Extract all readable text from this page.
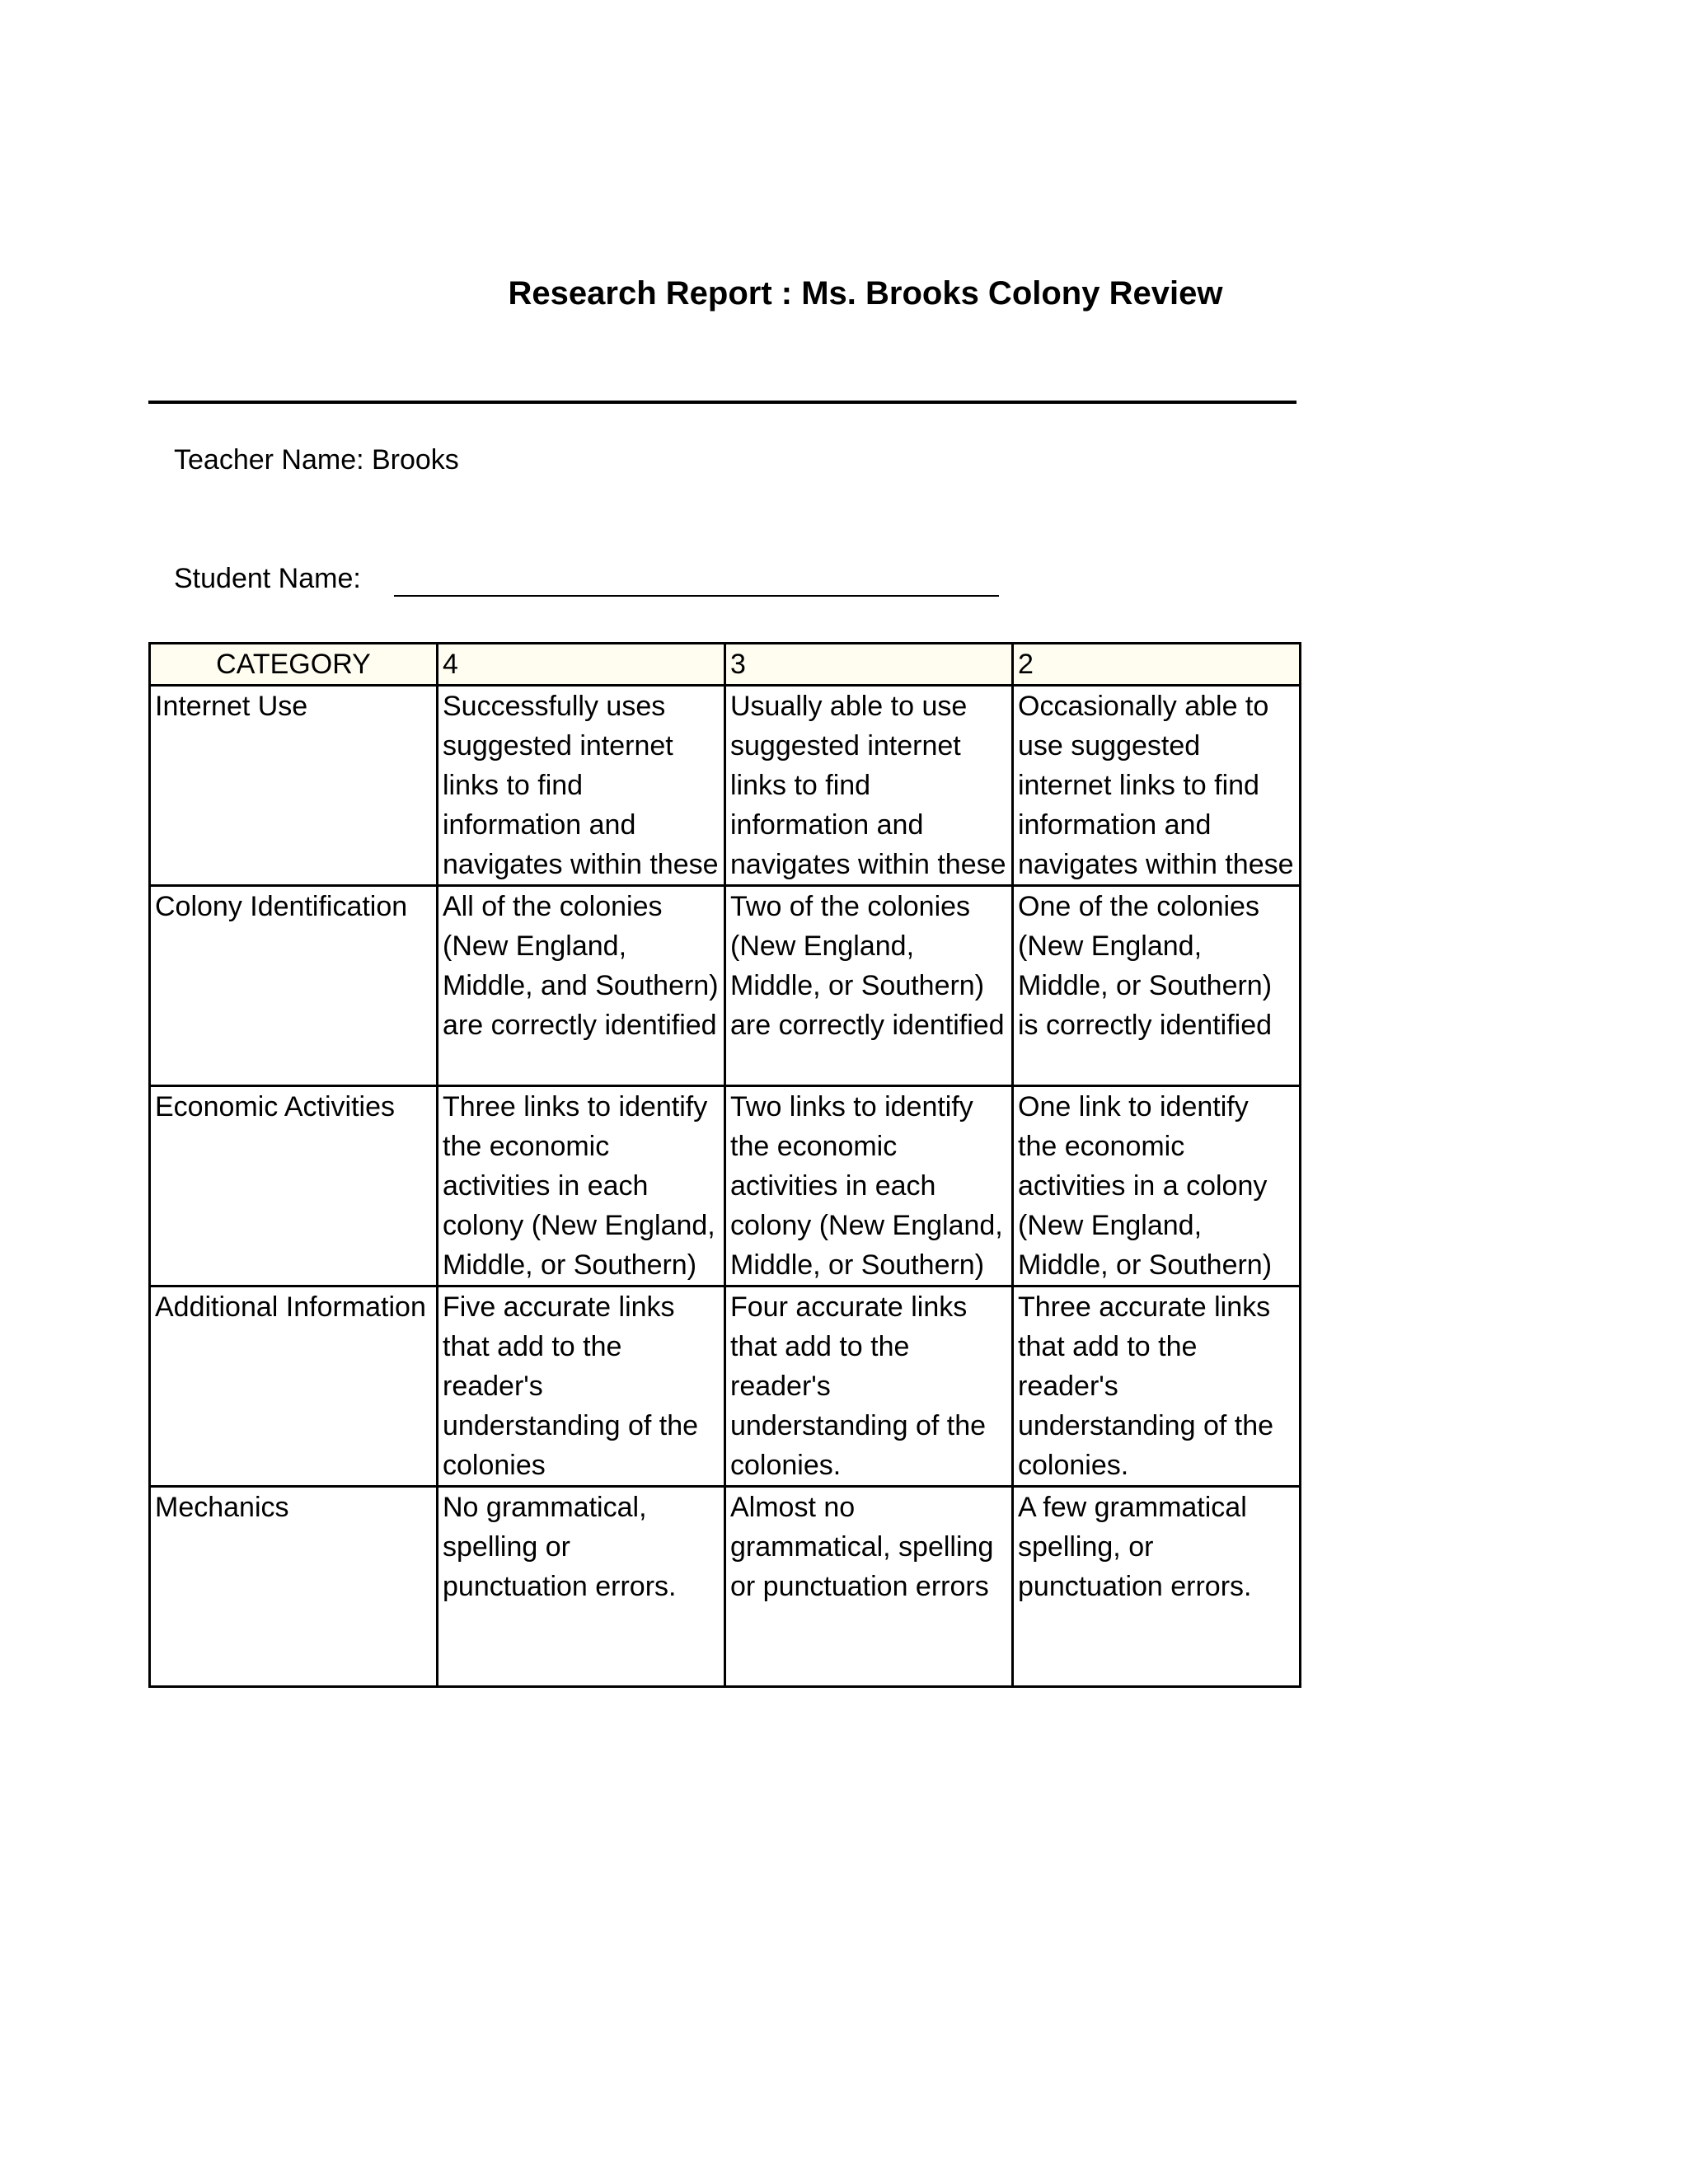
Research Report : Ms. Brooks Colony Review
Teacher Name: Brooks
Student Name:
CATEGORY	4	3	2
Internet Use	Successfully uses suggested internet links to find information and navigates within these	Usually able to use suggested internet links to find information and navigates within these	Occasionally able to use suggested internet links to find information and navigates within these
Colony Identification	All of the colonies (New England, Middle, and Southern) are correctly identified	Two of the colonies (New England, Middle, or Southern) are correctly identified	One of the colonies (New England, Middle, or Southern) is correctly identified
Economic Activities	Three links to identify the economic activities in each colony (New England, Middle, or Southern)	Two links to identify the economic activities in each colony (New England, Middle, or Southern)	One link to identify the economic activities in a colony (New England, Middle, or Southern)
Additional Information	Five accurate links that add to the reader's understanding of the colonies	Four accurate links that add to the reader's understanding of the colonies.	Three accurate links that add to the reader's understanding of the colonies.
Mechanics	No grammatical, spelling or punctuation errors.	Almost no grammatical, spelling or punctuation errors	A few grammatical spelling, or punctuation errors.
